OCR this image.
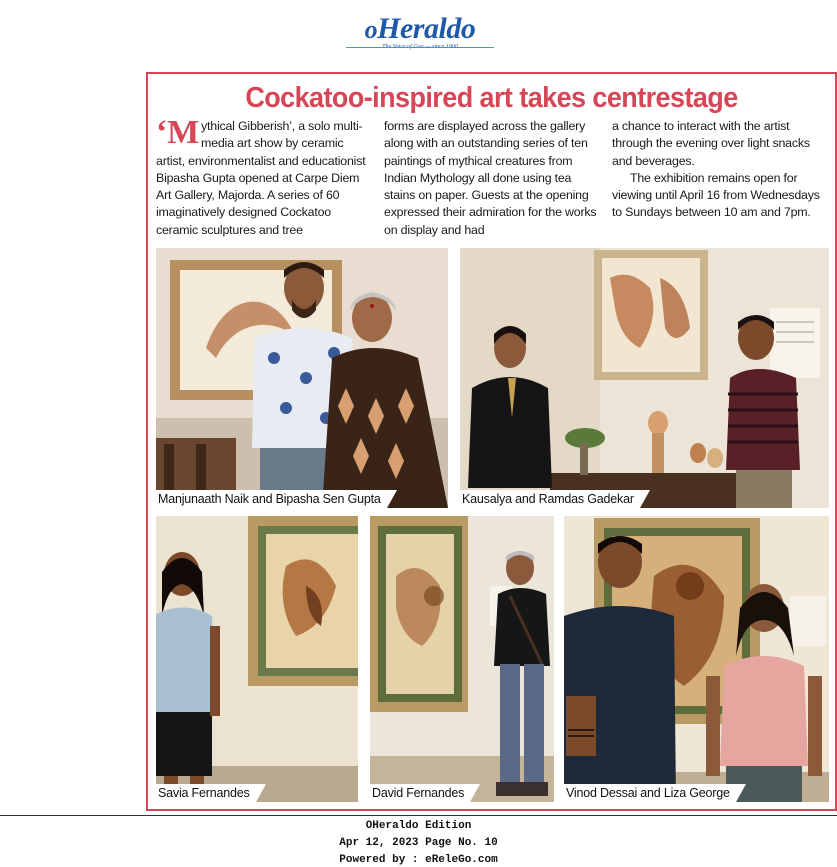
oHeraldo
Cockatoo-inspired art takes centrestage
‘Mythical Gibberish’, a solo multi-media art show by ceramic artist, environmentalist and educationist Bipasha Gupta opened at Carpe Diem Art Gallery, Majorda. A series of 60 imaginatively designed Cockatoo ceramic sculptures and tree
forms are displayed across the gallery along with an outstanding series of ten paintings of mythical creatures from Indian Mythology all done using tea stains on paper. Guests at the opening expressed their admiration for the works on display and had

a chance to interact with the artist through the evening over light snacks and beverages.

The exhibition remains open for viewing until April 16 from Wednesdays to Sundays between 10 am and 7pm.

Manjunaath Naik and Bipasha Sen Gupta	Kausalya and Ramdas Gadekar
Savia Fernandes	David Fernandes	Vinod Dessai and Liza George
OHeraldo Edition
Apr 12, 2023 Page No. 10
Powered by : eReleGo.com
